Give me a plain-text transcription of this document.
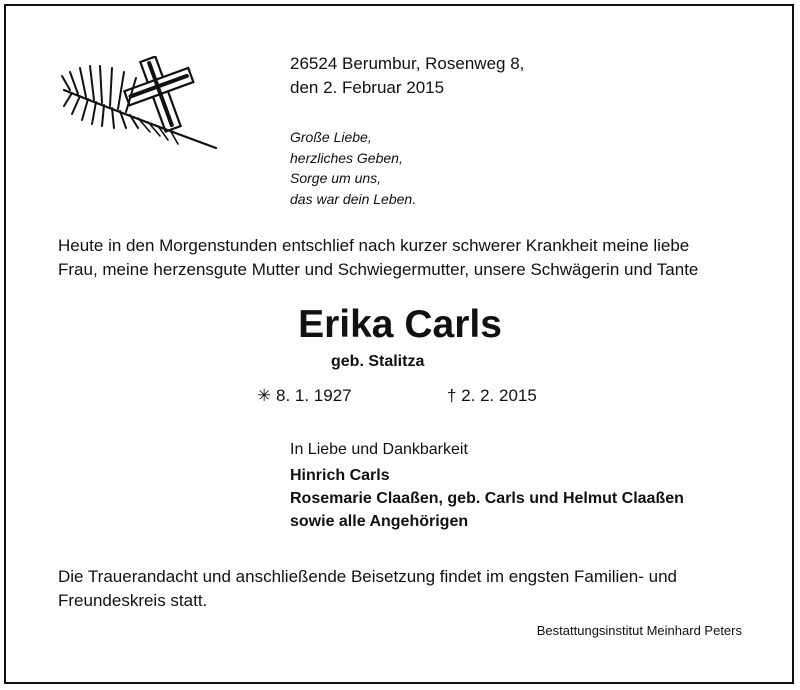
26524 Berumbur, Rosenweg 8,
den 2. Februar 2015
Große Liebe,
herzliches Geben,
Sorge um uns,
das war dein Leben.
Heute in den Morgenstunden entschlief nach kurzer schwerer Krankheit meine liebe
Frau, meine herzensgute Mutter und Schwiegermutter, unsere Schwägerin und Tante
Erika Carls
geb. Stalitza
✳ 8. 1. 1927	† 2. 2. 2015
In Liebe und Dankbarkeit
Hinrich Carls
Rosemarie Claaßen, geb. Carls und Helmut Claaßen
sowie alle Angehörigen
Die Trauerandacht und anschließende Beisetzung findet im engsten Familien- und
Freundeskreis statt.
Bestattungsinstitut Meinhard Peters
